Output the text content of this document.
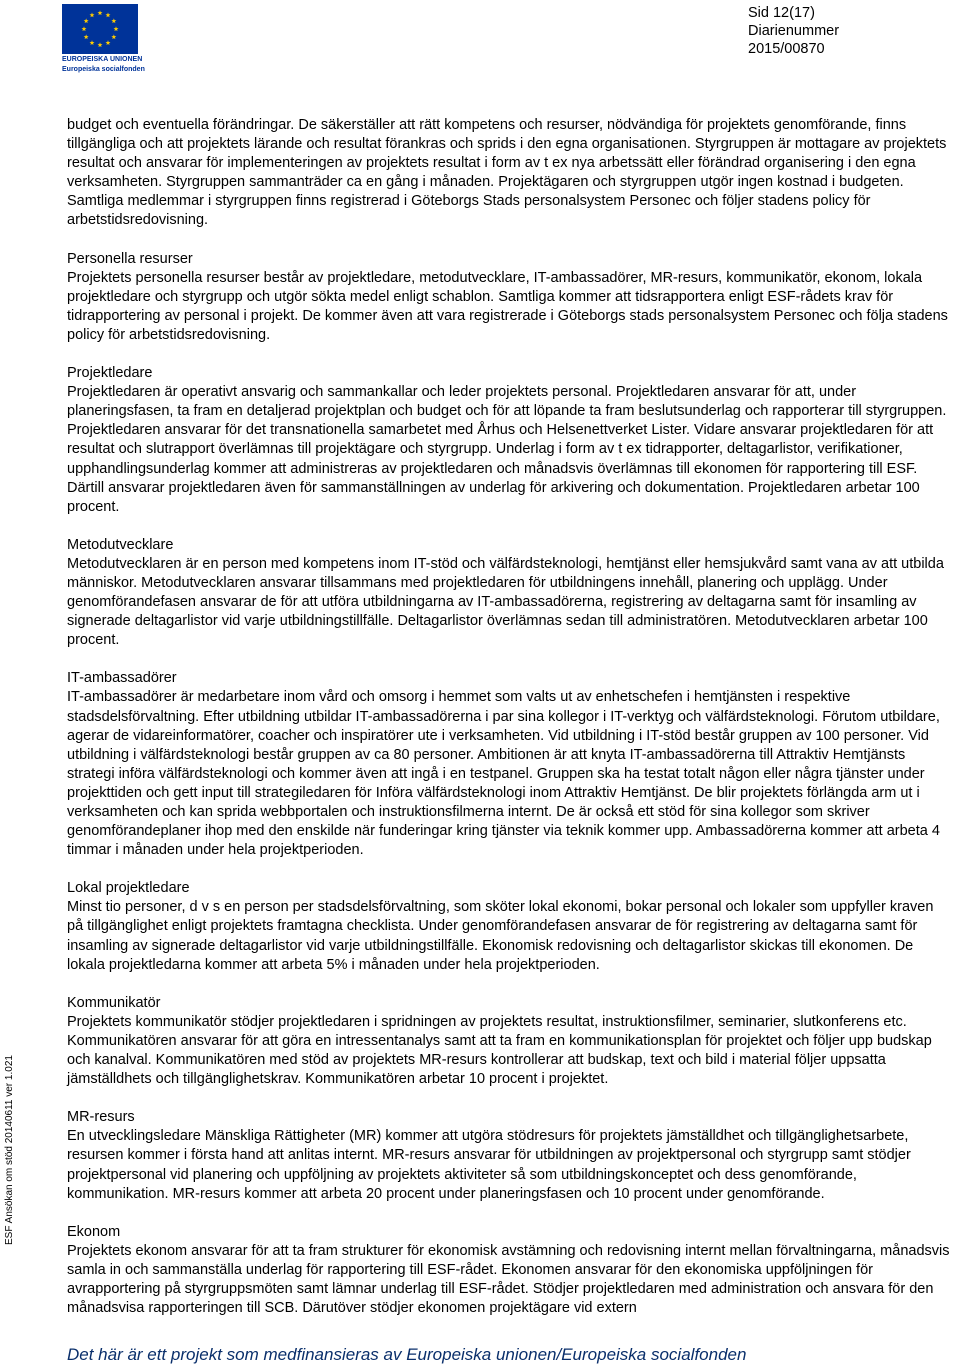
EUROPEISKA UNIONEN
Europeiska socialfonden
Sid 12(17)
Diarienummer
2015/00870

budget och eventuella förändringar. De säkerställer att rätt kompetens och resurser, nödvändiga för projektets genomförande, finns tillgängliga och att projektets lärande och resultat förankras och sprids i den egna organisationen. Styrgruppen är mottagare av projektets resultat och ansvarar för implementeringen av projektets resultat i form av t ex nya arbetssätt eller förändrad organisering i den egna verksamheten. Styrgruppen sammanträder ca en gång i månaden. Projektägaren och styrgruppen utgör ingen kostnad i budgeten. Samtliga medlemmar i styrgruppen finns registrerad i Göteborgs Stads personalsystem Personec och följer stadens policy för arbetstidsredovisning.

Personella resurser
Projektets personella resurser består av projektledare, metodutvecklare, IT-ambassadörer, MR-resurs, kommunikatör, ekonom, lokala projektledare och styrgrupp och utgör sökta medel enligt schablon. Samtliga kommer att tidsrapportera enligt ESF-rådets krav för tidrapportering av personal i projekt. De kommer även att vara registrerade i Göteborgs stads personalsystem Personec och följa stadens policy för arbetstidsredovisning.

Projektledare
Projektledaren är operativt ansvarig och sammankallar och leder projektets personal. Projektledaren ansvarar för att, under planeringsfasen, ta fram en detaljerad projektplan och budget och för att löpande ta fram beslutsunderlag och rapporterar till styrgruppen. Projektledaren ansvarar för det transnationella samarbetet med Århus och Helsenettverket Lister. Vidare ansvarar projektledaren för att resultat och slutrapport överlämnas till projektägare och styrgrupp. Underlag i form av t ex tidrapporter, deltagarlistor, verifikationer, upphandlingsunderlag kommer att administreras av projektledaren och månadsvis överlämnas till ekonomen för rapportering till ESF. Därtill ansvarar projektledaren även för sammanställningen av underlag för arkivering och dokumentation. Projektledaren arbetar 100 procent.

Metodutvecklare
Metodutvecklaren är en person med kompetens inom IT-stöd och välfärdsteknologi, hemtjänst eller hemsjukvård samt vana av att utbilda människor. Metodutvecklaren ansvarar tillsammans med projektledaren för utbildningens innehåll, planering och upplägg. Under genomförandefasen ansvarar de för att utföra utbildningarna av IT-ambassadörerna, registrering av deltagarna samt för insamling av signerade deltagarlistor vid varje utbildningstillfälle. Deltagarlistor överlämnas sedan till administratören. Metodutvecklaren arbetar 100 procent.

IT-ambassadörer
IT-ambassadörer är medarbetare inom vård och omsorg i hemmet som valts ut av enhetschefen i hemtjänsten i respektive stadsdelsförvaltning. Efter utbildning utbildar IT-ambassadörerna i par sina kollegor i IT-verktyg och välfärdsteknologi. Förutom utbildare, agerar de vidareinformatörer, coacher och inspiratörer ute i verksamheten. Vid utbildning i IT-stöd består gruppen av 100 personer. Vid utbildning i välfärdsteknologi består gruppen av ca 80 personer. Ambitionen är att knyta IT-ambassadörerna till Attraktiv Hemtjänsts strategi införa välfärdsteknologi och kommer även att ingå i en testpanel. Gruppen ska ha testat totalt någon eller några tjänster under projekttiden och gett input till strategiledaren för Införa välfärdsteknologi inom Attraktiv Hemtjänst. De blir projektets förlängda arm ut i verksamheten och kan sprida webbportalen och instruktionsfilmerna internt. De är också ett stöd för sina kollegor som skriver genomförandeplaner ihop med den enskilde när funderingar kring tjänster via teknik kommer upp. Ambassadörerna kommer att arbeta 4 timmar i månaden under hela projektperioden.

Lokal projektledare
Minst tio personer, d v s en person per stadsdelsförvaltning, som sköter lokal ekonomi, bokar personal och lokaler som uppfyller kraven på tillgänglighet enligt projektets framtagna checklista. Under genomförandefasen ansvarar de för registrering av deltagarna samt för insamling av signerade deltagarlistor vid varje utbildningstillfälle. Ekonomisk redovisning och deltagarlistor skickas till ekonomen. De lokala projektledarna kommer att arbeta 5% i månaden under hela projektperioden.

Kommunikatör
Projektets kommunikatör stödjer projektledaren i spridningen av projektets resultat, instruktionsfilmer, seminarier, slutkonferens etc. Kommunikatören ansvarar för att göra en intressentanalys samt att ta fram en kommunikationsplan för projektet och följer upp budskap och kanalval. Kommunikatören med stöd av projektets MR-resurs kontrollerar att budskap, text och bild i material följer uppsatta jämställdhets och tillgänglighetskrav. Kommunikatören arbetar 10 procent i projektet.

MR-resurs
En utvecklingsledare Mänskliga Rättigheter (MR) kommer att utgöra stödresurs för projektets jämställdhet och tillgänglighetsarbete, resursen kommer i första hand att anlitas internt. MR-resurs ansvarar för utbildningen av projektpersonal och styrgrupp samt stödjer projektpersonal vid planering och uppföljning av projektets aktiviteter så som utbildningskonceptet och dess genomförande, kommunikation. MR-resurs kommer att arbeta 20 procent under planeringsfasen och 10 procent under genomförande.

Ekonom
Projektets ekonom ansvarar för att ta fram strukturer för ekonomisk avstämning och redovisning internt mellan förvaltningarna, månadsvis samla in och sammanställa underlag för rapportering till ESF-rådet. Ekonomen ansvarar för den ekonomiska uppföljningen för avrapportering på styrgruppsmöten samt lämnar underlag till ESF-rådet. Stödjer projektledaren med administration och ansvara för den månadsvisa rapporteringen till SCB. Därutöver stödjer ekonomen projektägare vid extern

ESF Ansökan om stöd 20140611 ver 1.021
Det här är ett projekt som medfinansieras av Europeiska unionen/Europeiska socialfonden
